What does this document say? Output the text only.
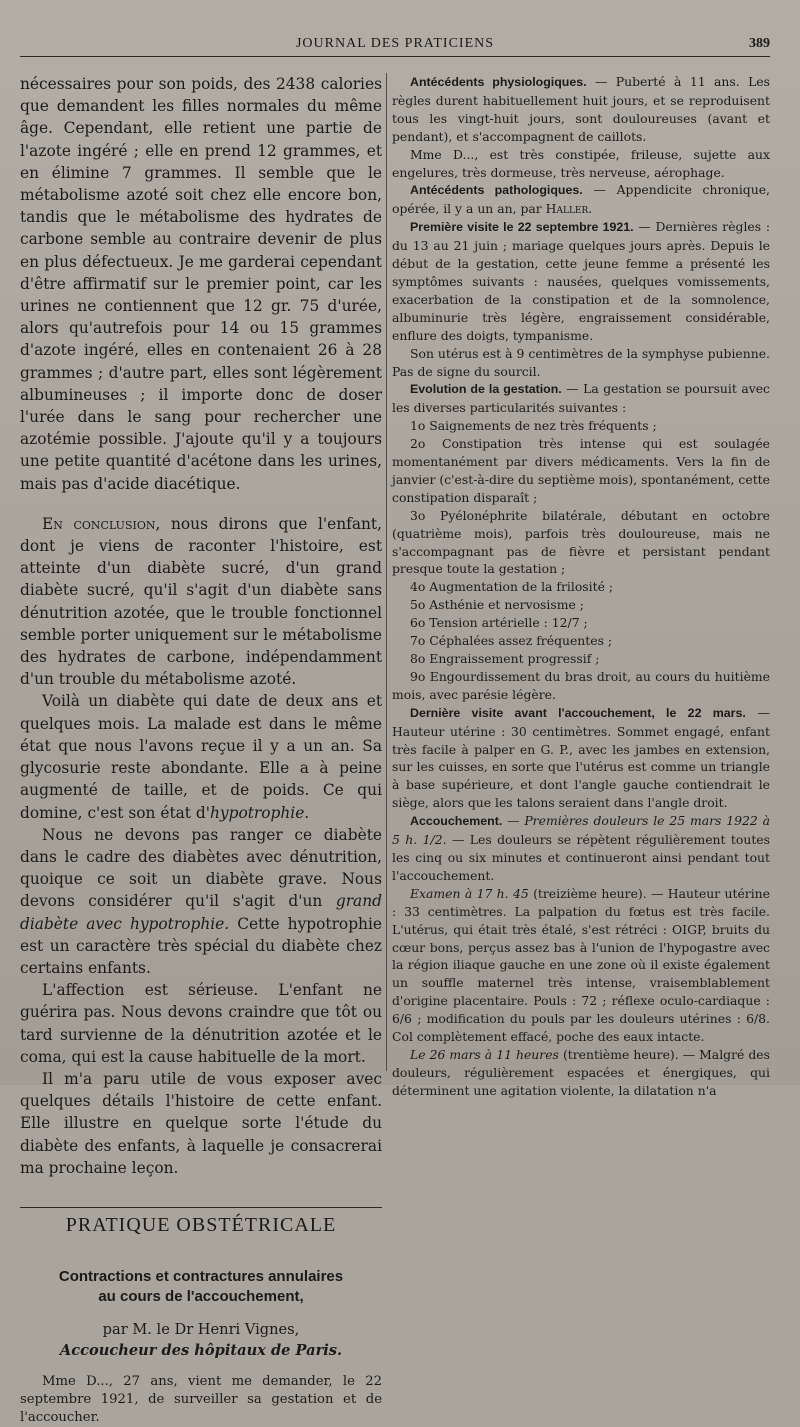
JOURNAL DES PRATICIENS	389

nécessaires pour son poids, des 2438 calories que demandent les filles normales du même âge. Cependant, elle retient une partie de l'azote ingéré ; elle en prend 12 grammes, et en élimine 7 grammes. Il semble que le métabolisme azoté soit chez elle encore bon, tandis que le métabolisme des hydrates de carbone semble au contraire devenir de plus en plus défectueux. Je me garderai cependant d'être affirmatif sur le premier point, car les urines ne contiennent que 12 gr. 75 d'urée, alors qu'autrefois pour 14 ou 15 grammes d'azote ingéré, elles en contenaient 26 à 28 grammes ; d'autre part, elles sont légèrement albumineuses ; il importe donc de doser l'urée dans le sang pour rechercher une azotémie possible. J'ajoute qu'il y a toujours une petite quantité d'acétone dans les urines, mais pas d'acide diacétique.

En conclusion, nous dirons que l'enfant, dont je viens de raconter l'histoire, est atteinte d'un diabète sucré, d'un grand diabète sucré, qu'il s'agit d'un diabète sans dénutrition azotée, que le trouble fonctionnel semble porter uniquement sur le métabolisme des hydrates de carbone, indépendamment d'un trouble du métabolisme azoté.

Voilà un diabète qui date de deux ans et quelques mois. La malade est dans le même état que nous l'avons reçue il y a un an. Sa glycosurie reste abondante. Elle a à peine augmenté de taille, et de poids. Ce qui domine, c'est son état d'hypotrophie.

Nous ne devons pas ranger ce diabète dans le cadre des diabètes avec dénutrition, quoique ce soit un diabète grave. Nous devons considérer qu'il s'agit d'un grand diabète avec hypotrophie. Cette hypotrophie est un caractère très spécial du diabète chez certains enfants.

L'affection est sérieuse. L'enfant ne guérira pas. Nous devons craindre que tôt ou tard survienne de la dénutrition azotée et le coma, qui est la cause habituelle de la mort.

Il m'a paru utile de vous exposer avec quelques détails l'histoire de cette enfant. Elle illustre en quelque sorte l'étude du diabète des enfants, à laquelle je consacrerai ma prochaine leçon.

PRATIQUE OBSTÉTRICALE
Contractions et contractures annulaires
au cours de l'accouchement,
par M. le Dr Henri Vignes,
Accoucheur des hôpitaux de Paris.
Mme D..., 27 ans, vient me demander, le 22 septembre 1921, de surveiller sa gestation et de l'accoucher.

Antécédents physiologiques. — Puberté à 11 ans. Les règles durent habituellement huit jours, et se reproduisent tous les vingt-huit jours, sont douloureuses (avant et pendant), et s'accompagnent de caillots.

Mme D..., est très constipée, frileuse, sujette aux engelures, très dormeuse, très nerveuse, aérophage.

Antécédents pathologiques. — Appendicite chronique, opérée, il y a un an, par Haller.

Première visite le 22 septembre 1921. — Dernières règles : du 13 au 21 juin ; mariage quelques jours après. Depuis le début de la gestation, cette jeune femme a présenté les symptômes suivants : nausées, quelques vomissements, exacerbation de la constipation et de la somnolence, albuminurie très légère, engraissement considérable, enflure des doigts, tympanisme.

Son utérus est à 9 centimètres de la symphyse pubienne. Pas de signe du sourcil.

Evolution de la gestation. — La gestation se poursuit avec les diverses particularités suivantes :

1o Saignements de nez très fréquents ;

2o Constipation très intense qui est soulagée momentanément par divers médicaments. Vers la fin de janvier (c'est-à-dire du septième mois), spontanément, cette constipation disparaît ;

3o Pyélonéphrite bilatérale, débutant en octobre (quatrième mois), parfois très douloureuse, mais ne s'accompagnant pas de fièvre et persistant pendant presque toute la gestation ;

4o Augmentation de la frilosité ;

5o Asthénie et nervosisme ;

6o Tension artérielle : 12/7 ;

7o Céphalées assez fréquentes ;

8o Engraissement progressif ;

9o Engourdissement du bras droit, au cours du huitième mois, avec parésie légère.

Dernière visite avant l'accouchement, le 22 mars. — Hauteur utérine : 30 centimètres. Sommet engagé, enfant très facile à palper en G. P., avec les jambes en extension, sur les cuisses, en sorte que l'utérus est comme un triangle à base supérieure, et dont l'angle gauche contiendrait le siège, alors que les talons seraient dans l'angle droit.

Accouchement. — Premières douleurs le 25 mars 1922 à 5 h. 1/2. — Les douleurs se répètent régulièrement toutes les cinq ou six minutes et continueront ainsi pendant tout l'accouchement.

Examen à 17 h. 45 (treizième heure). — Hauteur utérine : 33 centimètres. La palpation du fœtus est très facile. L'utérus, qui était très étalé, s'est rétréci : OIGP, bruits du cœur bons, perçus assez bas à l'union de l'hypogastre avec la région iliaque gauche en une zone où il existe également un souffle maternel très intense, vraisemblablement d'origine placentaire. Pouls : 72 ; réflexe oculo-cardiaque : 6/6 ; modification du pouls par les douleurs utérines : 6/8. Col complètement effacé, poche des eaux intacte.

Le 26 mars à 11 heures (trentième heure). — Malgré des douleurs, régulièrement espacées et énergiques, qui déterminent une agitation violente, la dilatation n'a
